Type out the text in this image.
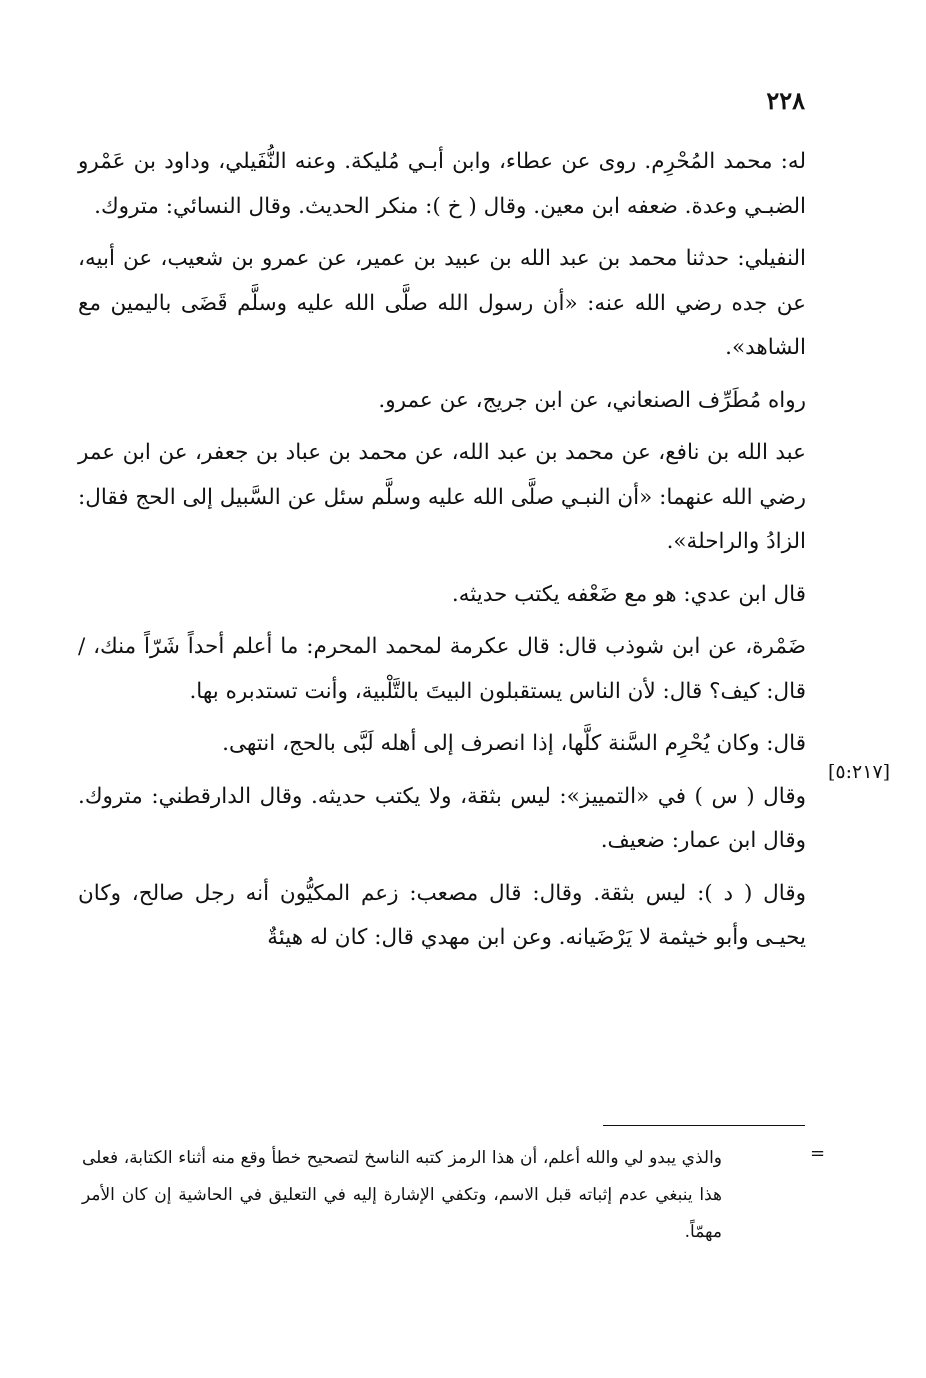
٢٢٨

له: محمد المُحْرِم. روى عن عطاء، وابن أبـي مُليكة. وعنه النُّفَيلي، وداود بن عَمْرو الضبـي وعدة. ضعفه ابن معين. وقال ( خ ): منكر الحديث. وقال النسائي: متروك.

النفيلي: حدثنا محمد بن عبد الله بن عبيد بن عمير، عن عمرو بن شعيب، عن أبيه، عن جده رضي الله عنه: «أن رسول الله صلَّى الله عليه وسلَّم قَضَى باليمين مع الشاهد».

رواه مُطَرِّف الصنعاني، عن ابن جريج، عن عمرو.

عبد الله بن نافع، عن محمد بن عبد الله، عن محمد بن عباد بن جعفر، عن ابن عمر رضي الله عنهما: «أن النبـي صلَّى الله عليه وسلَّم سئل عن السَّبيل إلى الحج فقال: الزادُ والراحلة».

قال ابن عدي: هو مع ضَعْفه يكتب حديثه.

ضَمْرة، عن ابن شوذب قال: قال عكرمة لمحمد المحرم: ما أعلم أحداً شَرّاً منك، / قال: كيف؟ قال: لأن الناس يستقبلون البيتَ بالتَّلْبية، وأنت تستدبره بها.

قال: وكان يُحْرِم السَّنة كلَّها، إذا انصرف إلى أهله لَبَّى بالحج، انتهى.

وقال ( س ) في «التمييز»: ليس بثقة، ولا يكتب حديثه. وقال الدارقطني: متروك. وقال ابن عمار: ضعيف.

وقال ( د ): ليس بثقة. وقال: قال مصعب: زعم المكيُّون أنه رجل صالح، وكان يحيـى وأبو خيثمة لا يَرْضَيانه. وعن ابن مهدي قال: كان له هيئةٌ

[٥:٢١٧]
=

والذي يبدو لي والله أعلم، أن هذا الرمز كتبه الناسخ لتصحيح خطأ وقع منه أثناء الكتابة، فعلى هذا ينبغي عدم إثباته قبل الاسم، وتكفي الإشارة إليه في التعليق في الحاشية إن كان الأمر مهمّاً.
